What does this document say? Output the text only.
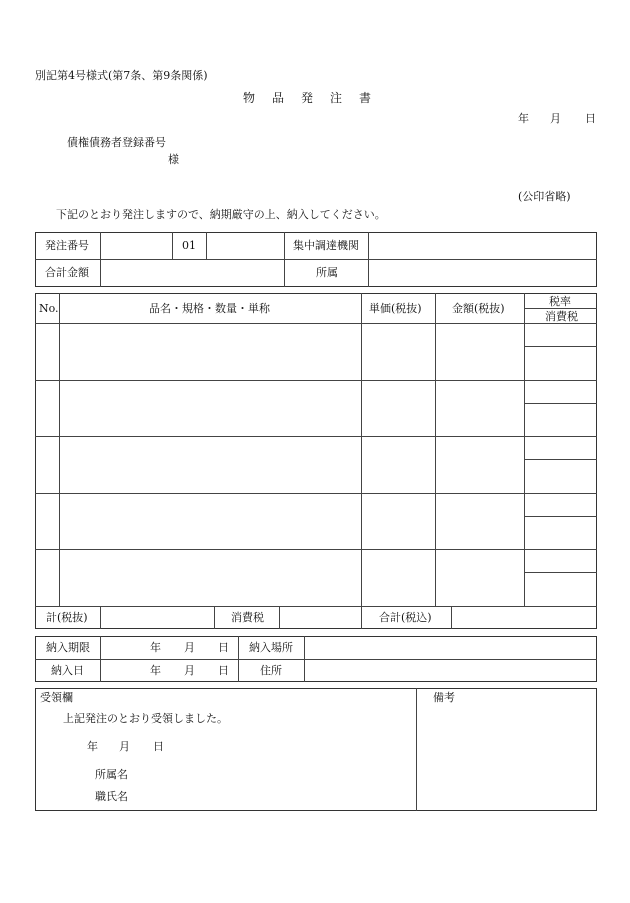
別記第4号様式(第7条、第9条関係)
物品発注書
年 月 日
債権債務者登録番号
様
(公印省略)
下記のとおり発注しますので、納期厳守の上、納入してください。
発注番号	01	集中調達機関
合計金額	所属
No.	品名・規格・数量・単称	単価(税抜)	金額(税抜)
税率
消費税
計(税抜)	消費税	合計(税込)
納入期限	年 月 日 納入場所
納入日	年 月 日	住所
受領欄	備考
上記発注のとおり受領しました。
年 月 日
所属名
職氏名
